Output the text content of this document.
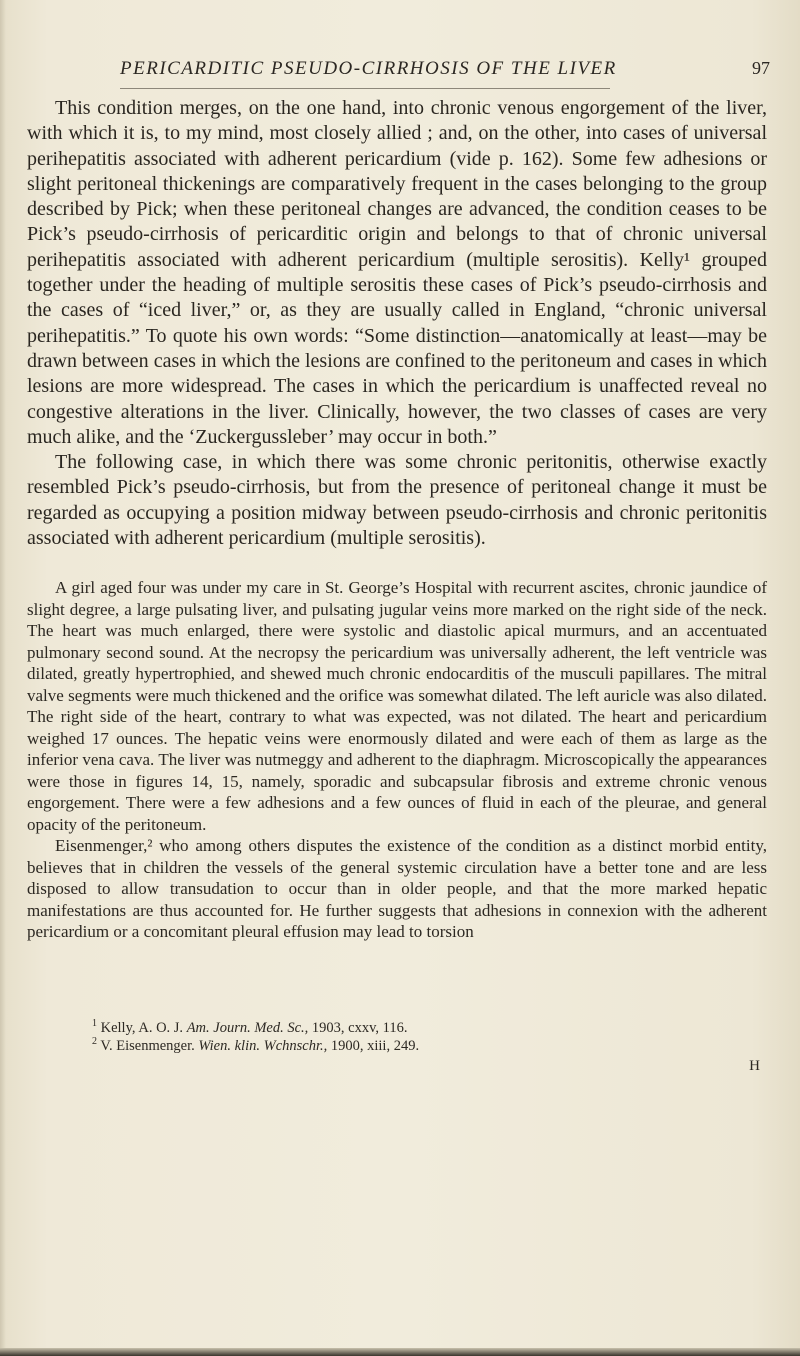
PERICARDITIC PSEUDO-CIRRHOSIS OF THE LIVER	97

This condition merges, on the one hand, into chronic venous engorgement of the liver, with which it is, to my mind, most closely allied ; and, on the other, into cases of universal perihepatitis associated with adherent pericardium (vide p. 162). Some few adhesions or slight peritoneal thickenings are comparatively frequent in the cases belonging to the group described by Pick; when these peritoneal changes are advanced, the condition ceases to be Pick’s pseudo-cirrhosis of pericarditic origin and belongs to that of chronic universal perihepatitis associated with adherent pericardium (multiple serositis). Kelly¹ grouped together under the heading of multiple serositis these cases of Pick’s pseudo-cirrhosis and the cases of “iced liver,” or, as they are usually called in England, “chronic universal perihepatitis.” To quote his own words: “Some distinction—anatomically at least—may be drawn between cases in which the lesions are confined to the peritoneum and cases in which lesions are more widespread. The cases in which the pericardium is unaffected reveal no congestive alterations in the liver. Clinically, however, the two classes of cases are very much alike, and the ‘Zuckergussleber’ may occur in both.”

The following case, in which there was some chronic peritonitis, otherwise exactly resembled Pick’s pseudo-cirrhosis, but from the presence of peritoneal change it must be regarded as occupying a position midway between pseudo-cirrhosis and chronic peritonitis associated with adherent pericardium (multiple serositis).

A girl aged four was under my care in St. George’s Hospital with recurrent ascites, chronic jaundice of slight degree, a large pulsating liver, and pulsating jugular veins more marked on the right side of the neck. The heart was much enlarged, there were systolic and diastolic apical murmurs, and an accentuated pulmonary second sound. At the necropsy the pericardium was universally adherent, the left ventricle was dilated, greatly hypertrophied, and shewed much chronic endocarditis of the musculi papillares. The mitral valve segments were much thickened and the orifice was somewhat dilated. The left auricle was also dilated. The right side of the heart, contrary to what was expected, was not dilated. The heart and pericardium weighed 17 ounces. The hepatic veins were enormously dilated and were each of them as large as the inferior vena cava. The liver was nutmeggy and adherent to the diaphragm. Microscopically the appearances were those in figures 14, 15, namely, sporadic and subcapsular fibrosis and extreme chronic venous engorgement. There were a few adhesions and a few ounces of fluid in each of the pleurae, and general opacity of the peritoneum.

Eisenmenger,² who among others disputes the existence of the condition as a distinct morbid entity, believes that in children the vessels of the general systemic circulation have a better tone and are less disposed to allow transudation to occur than in older people, and that the more marked hepatic manifestations are thus accounted for. He further suggests that adhesions in connexion with the adherent pericardium or a concomitant pleural effusion may lead to torsion

$^1$ Kelly, A. O. J. Am. Journ. Med. Sc., 1903, cxxv, 116.

$^2$ V. Eisenmenger. Wien. klin. Wchnschr., 1900, xiii, 249.

H
